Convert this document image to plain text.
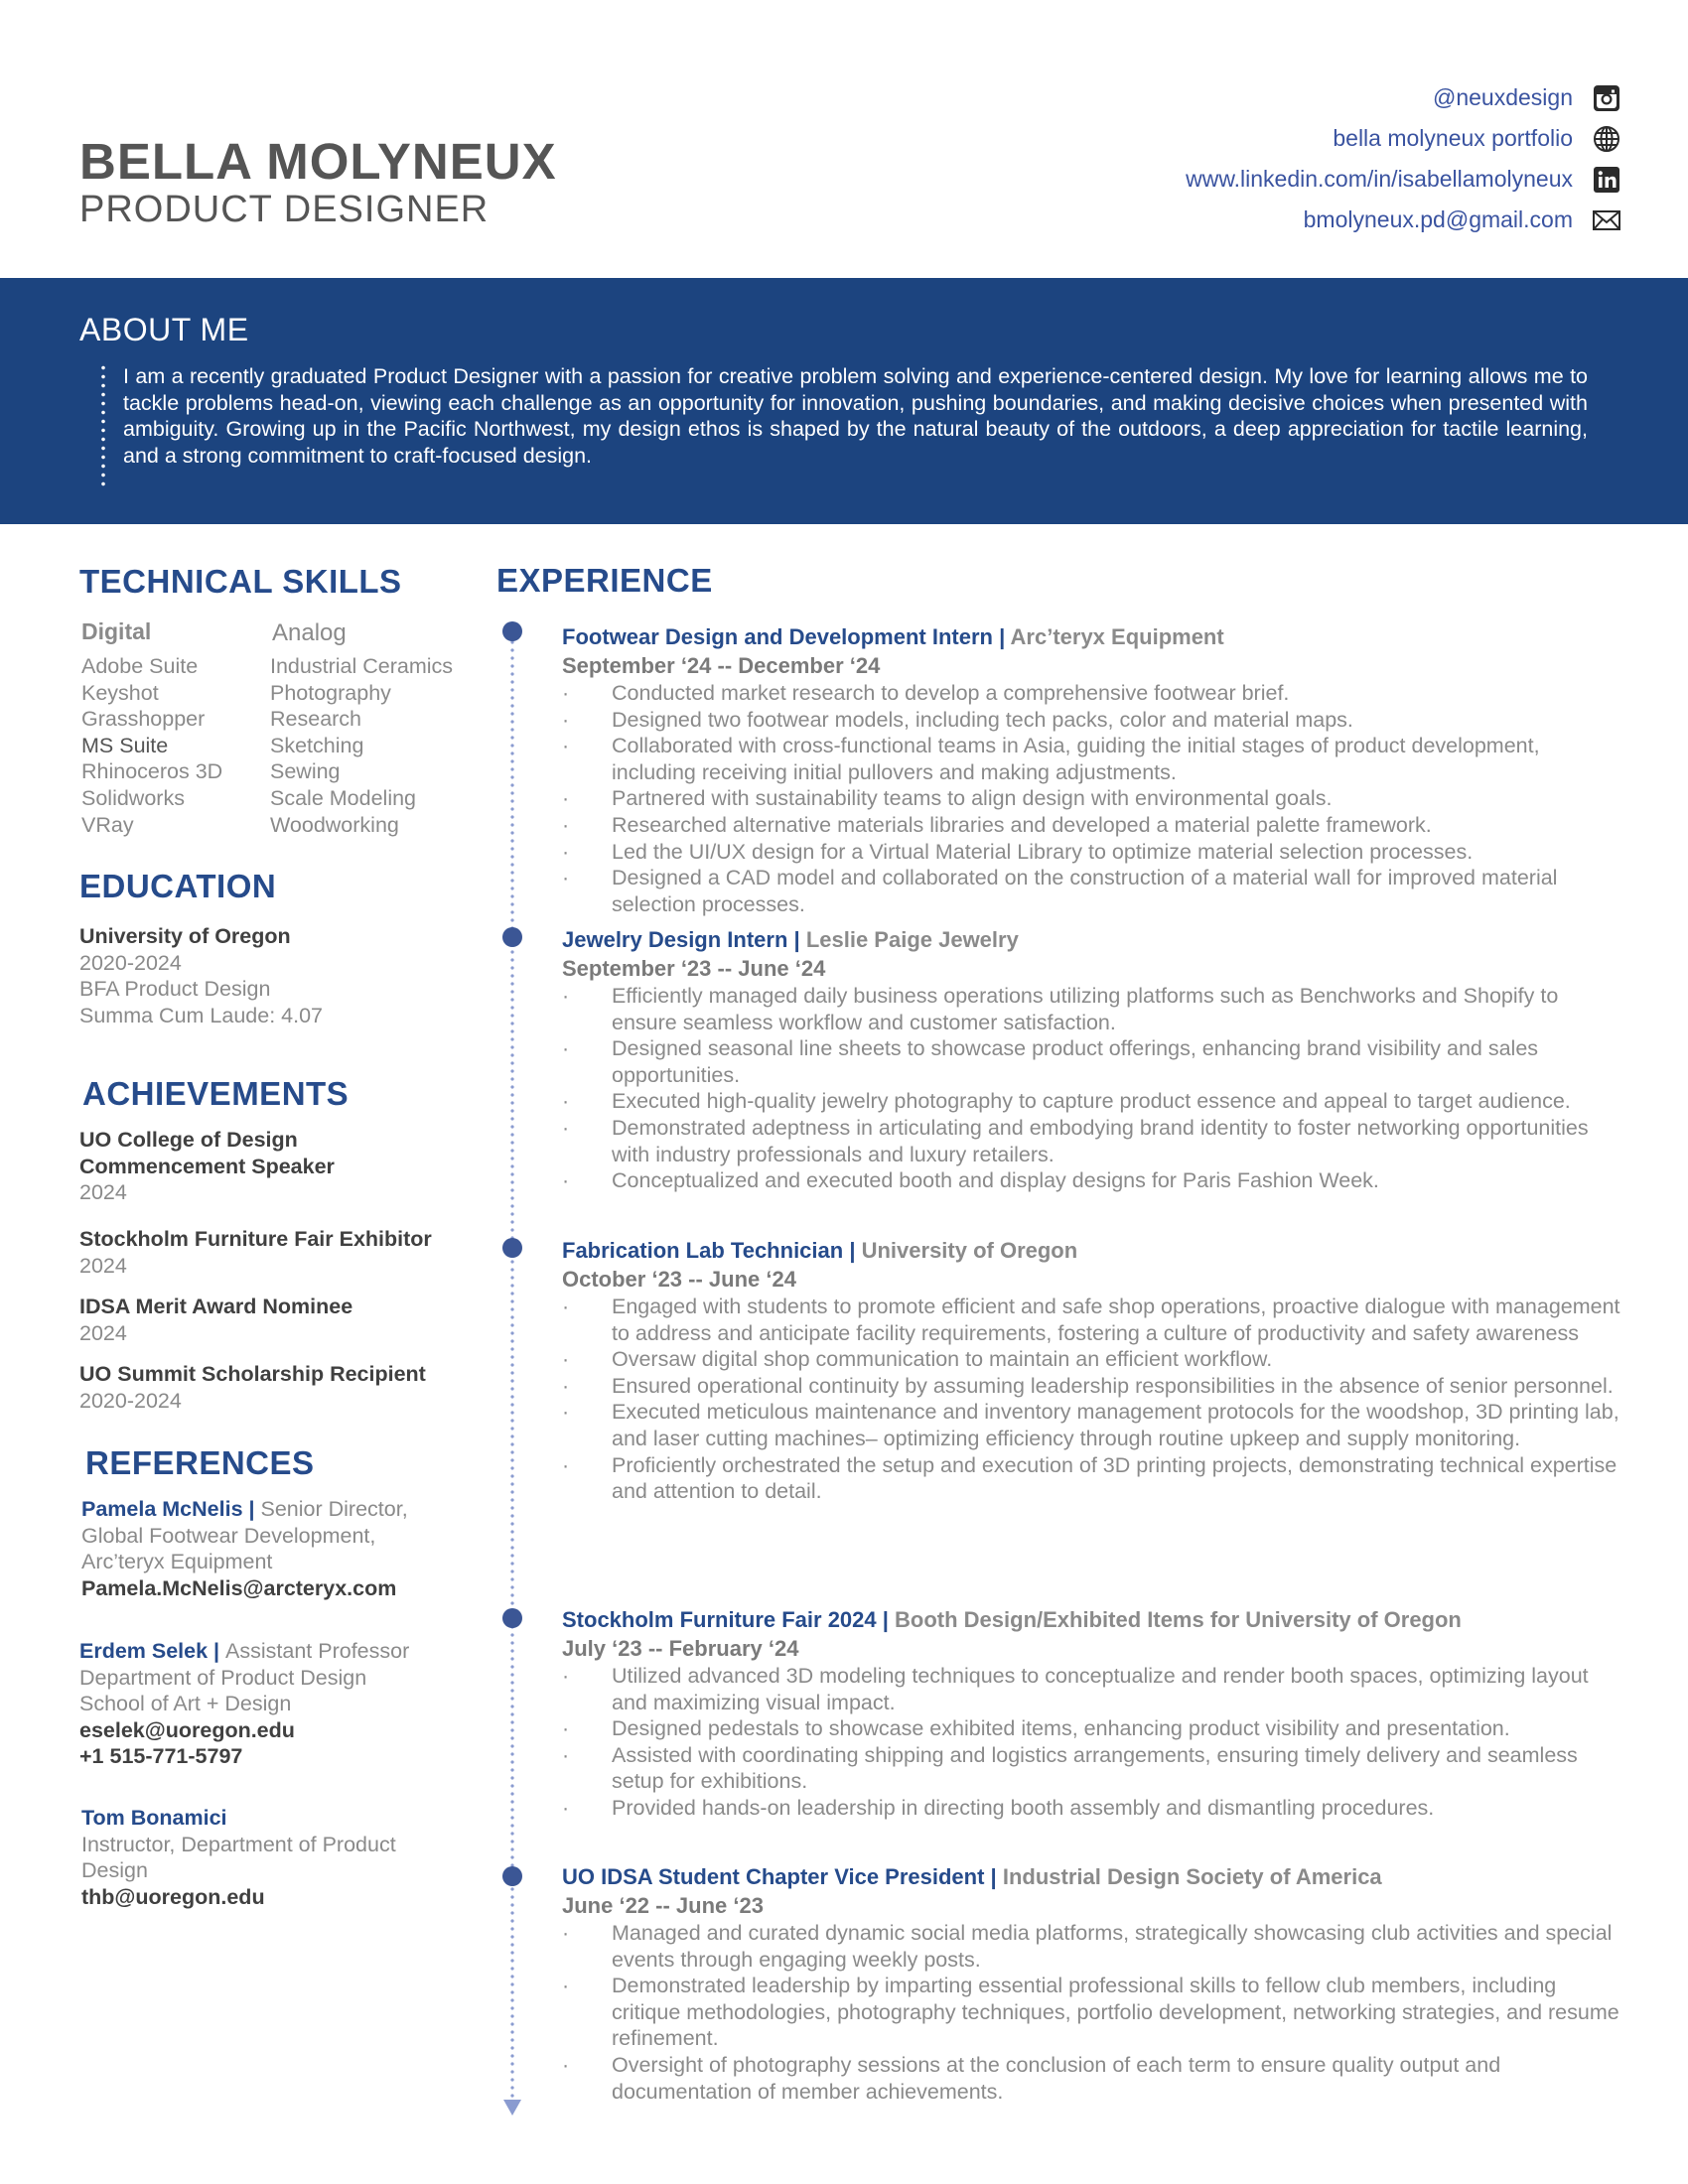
BELLA MOLYNEUX
PRODUCT DESIGNER
@neuxdesign
bella molyneux portfolio
www.linkedin.com/in/isabellamolyneux
bmolyneux.pd@gmail.com
ABOUT ME

I am a recently graduated Product Designer with a passion for creative problem solving and experience-centered design. My love for learning allows me to tackle problems head-on, viewing each challenge as an opportunity for innovation, pushing boundaries, and making decisive choices when presented with ambiguity. Growing up in the Pacific Northwest, my design ethos is shaped by the natural beauty of the outdoors, a deep appreciation for tactile learning, and a strong commitment to craft-focused design.

TECHNICAL SKILLS
Digital	Analog
Adobe Suite
Keyshot
Grasshopper
MS Suite
Rhinoceros 3D
Solidworks
VRay
Industrial Ceramics
Photography
Research
Sketching
Sewing
Scale Modeling
Woodworking
EDUCATION
University of Oregon
2020-2024
BFA Product Design
Summa Cum Laude: 4.07
ACHIEVEMENTS
UO College of Design
Commencement Speaker
2024
Stockholm Furniture Fair Exhibitor
2024
IDSA Merit Award Nominee
2024
UO Summit Scholarship Recipient
2020-2024
REFERENCES
Pamela McNelis | Senior Director,
Global Footwear Development,
Arc’teryx Equipment
Pamela.McNelis@arcteryx.com
Erdem Selek | Assistant Professor
Department of Product Design
School of Art + Design
eselek@uoregon.edu
+1 515-771-5797
Tom Bonamici
Instructor, Department of Product
Design
thb@uoregon.edu
EXPERIENCE
Footwear Design and Development Intern | Arc’teryx Equipment
September ‘24 -- December ‘24
· Conducted market research to develop a comprehensive footwear brief.
· Designed two footwear models, including tech packs, color and material maps.
· Collaborated with cross-functional teams in Asia, guiding the initial stages of product development, including receiving initial pullovers and making adjustments.
· Partnered with sustainability teams to align design with environmental goals.
· Researched alternative materials libraries and developed a material palette framework.
· Led the UI/UX design for a Virtual Material Library to optimize material selection processes.
· Designed a CAD model and collaborated on the construction of a material wall for improved material selection processes.
Jewelry Design Intern | Leslie Paige Jewelry
September ‘23 -- June ‘24
· Efficiently managed daily business operations utilizing platforms such as Benchworks and Shopify to ensure seamless workflow and customer satisfaction.
· Designed seasonal line sheets to showcase product offerings, enhancing brand visibility and sales opportunities.
· Executed high-quality jewelry photography to capture product essence and appeal to target audience.
· Demonstrated adeptness in articulating and embodying brand identity to foster networking opportunities with industry professionals and luxury retailers.
· Conceptualized and executed booth and display designs for Paris Fashion Week.
Fabrication Lab Technician | University of Oregon
October ‘23 -- June ‘24
· Engaged with students to promote efficient and safe shop operations, proactive dialogue with management to address and anticipate facility requirements, fostering a culture of productivity and safety awareness
· Oversaw digital shop communication to maintain an efficient workflow.
· Ensured operational continuity by assuming leadership responsibilities in the absence of senior personnel.
· Executed meticulous maintenance and inventory management protocols for the woodshop, 3D printing lab, and laser cutting machines– optimizing efficiency through routine upkeep and supply monitoring.
· Proficiently orchestrated the setup and execution of 3D printing projects, demonstrating technical expertise and attention to detail.
Stockholm Furniture Fair 2024 | Booth Design/Exhibited Items for University of Oregon
July ‘23 -- February ‘24
· Utilized advanced 3D modeling techniques to conceptualize and render booth spaces, optimizing layout and maximizing visual impact.
· Designed pedestals to showcase exhibited items, enhancing product visibility and presentation.
· Assisted with coordinating shipping and logistics arrangements, ensuring timely delivery and seamless setup for exhibitions.
· Provided hands-on leadership in directing booth assembly and dismantling procedures.
UO IDSA Student Chapter Vice President | Industrial Design Society of America
June ‘22 -- June ‘23
· Managed and curated dynamic social media platforms, strategically showcasing club activities and special events through engaging weekly posts.
· Demonstrated leadership by imparting essential professional skills to fellow club members, including critique methodologies, photography techniques, portfolio development, networking strategies, and resume refinement.
· Oversight of photography sessions at the conclusion of each term to ensure quality output and documentation of member achievements.
